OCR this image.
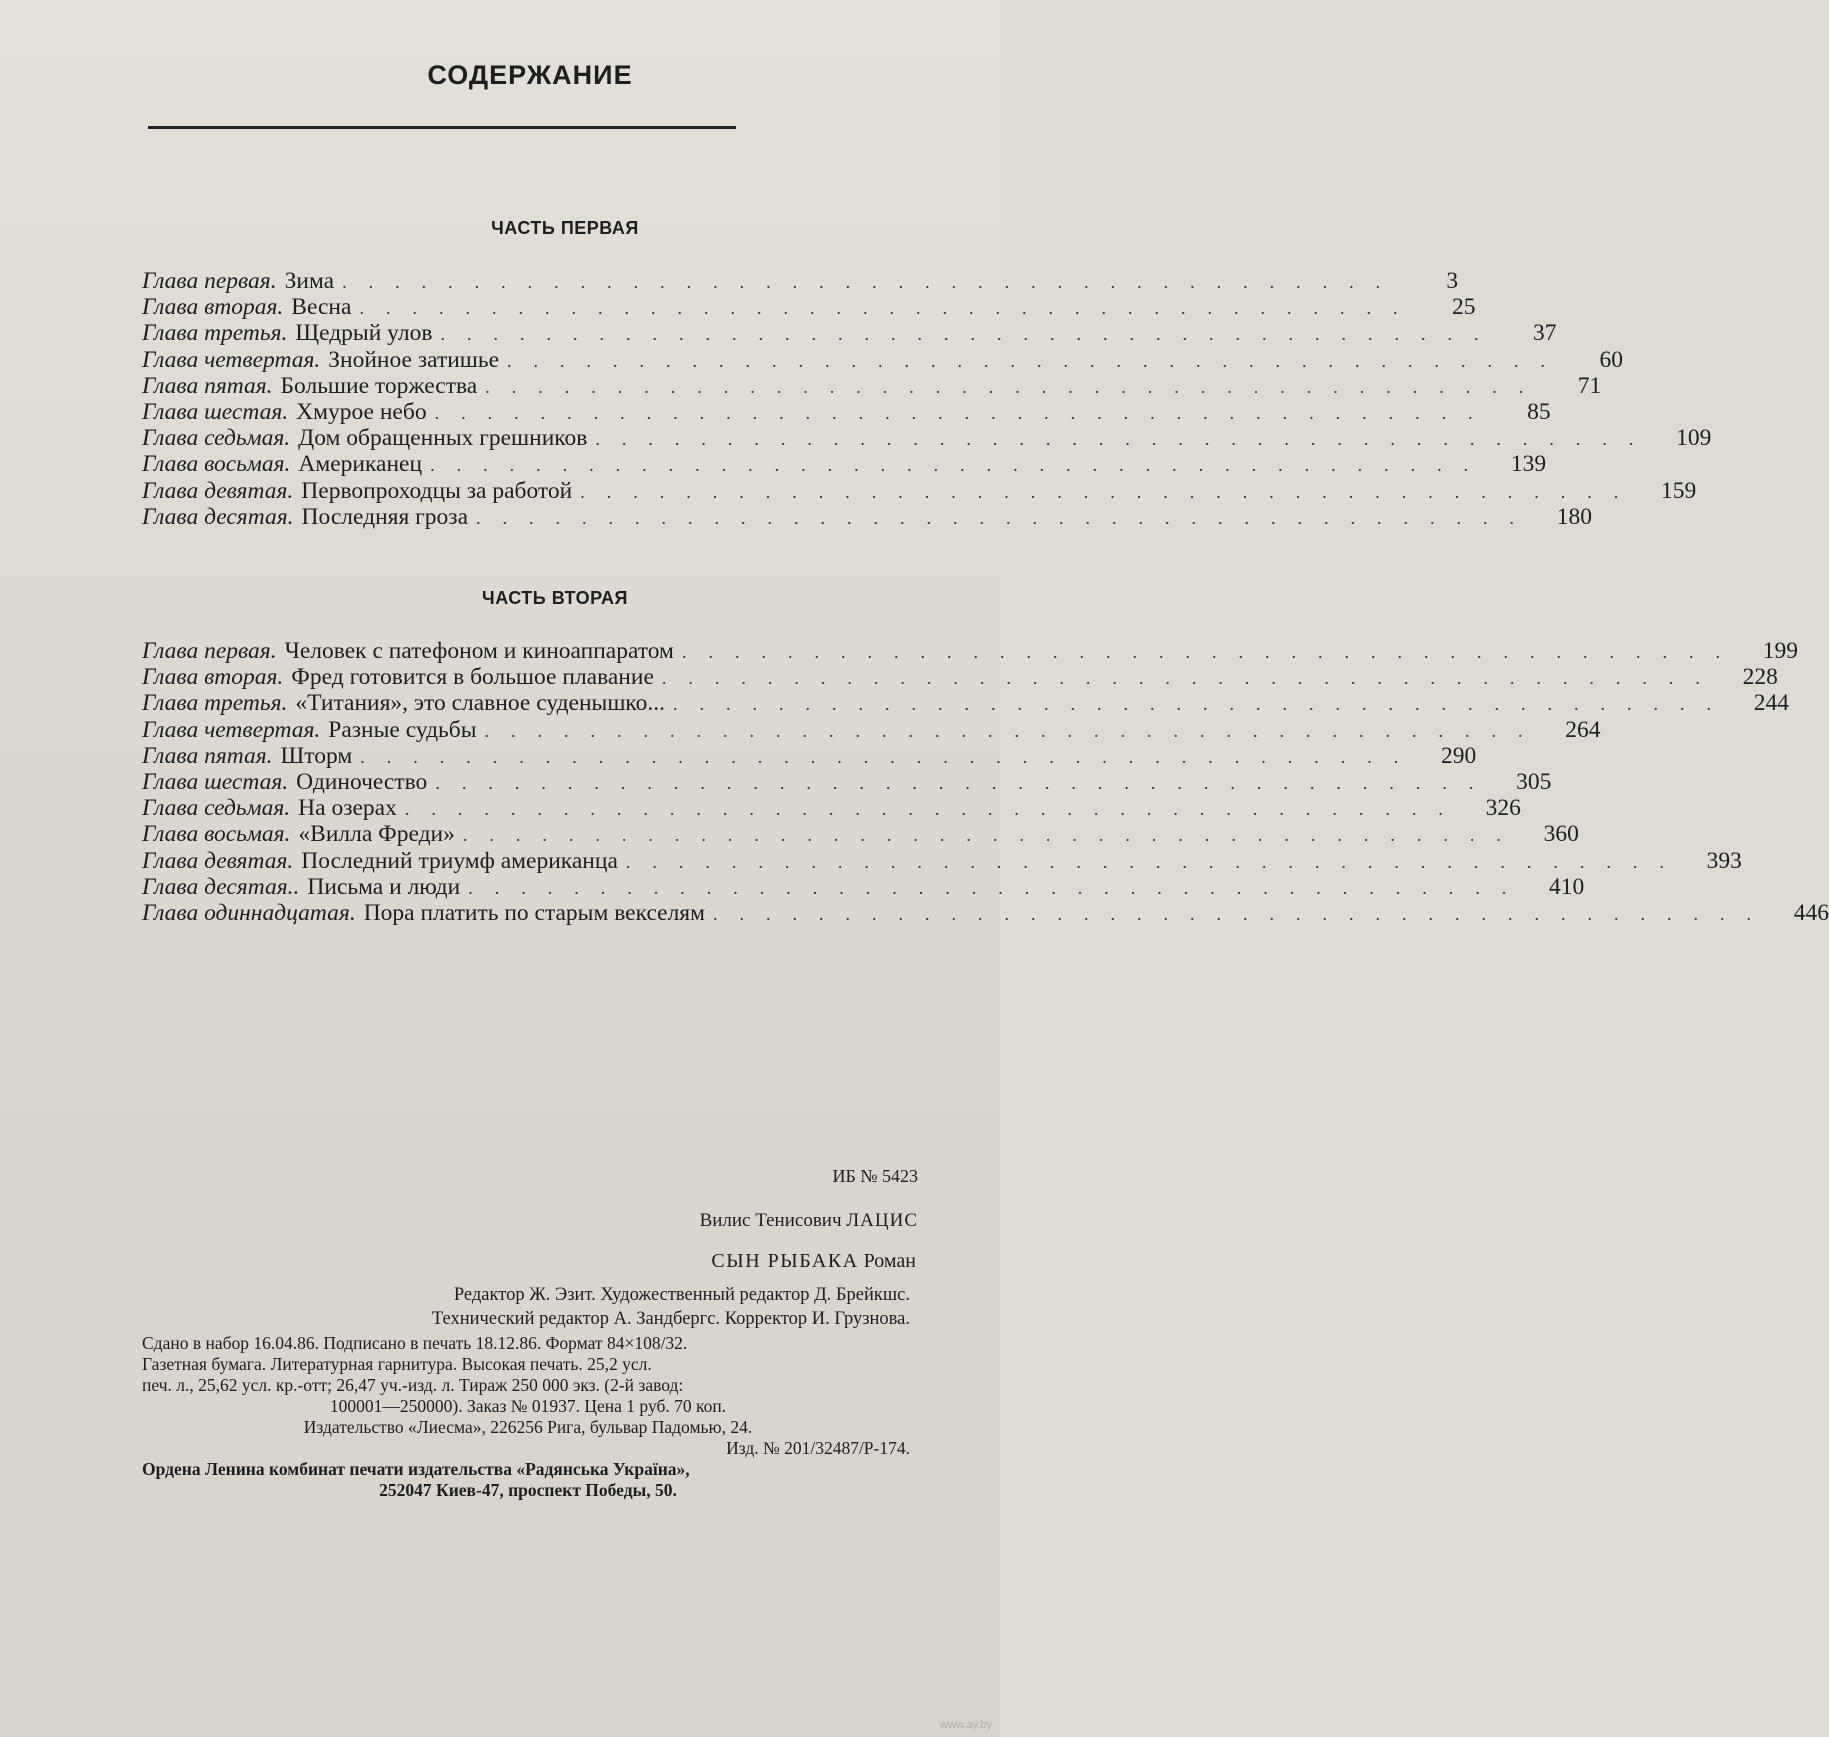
СОДЕРЖАНИЕ
ЧАСТЬ ПЕРВАЯ
Глава первая. Зима ........................................	3
Глава вторая. Весна ........................................	25
Глава третья. Щедрый улов ........................................	37
Глава четвертая. Знойное затишье ........................................	60
Глава пятая. Большие торжества ........................................	71
Глава шестая. Хмурое небо ........................................	85
Глава седьмая. Дом обращенных грешников ........................................ 109
Глава восьмая. Американец ........................................ 139
Глава девятая. Первопроходцы за работой ........................................ 159
Глава десятая. Последняя гроза ........................................ 180
ЧАСТЬ ВТОРАЯ
Глава первая. Человек с патефоном и киноаппаратом ........................................ 199
Глава вторая. Фред готовится в большое плавание ........................................ 228
Глава третья. «Титания», это славное суденышко... ........................................ 244
Глава четвертая. Разные судьбы ........................................ 264
Глава пятая. Шторм ........................................ 290
Глава шестая. Одиночество ........................................ 305
Глава седьмая. На озерах ........................................ 326
Глава восьмая. «Вилла Фреди» ........................................ 360
Глава девятая. Последний триумф американца ........................................ 393
Глава десятая.. Письма и люди ........................................ 410
Глава одиннадцатая. Пора платить по старым векселям ........................................ 446
ИБ № 5423
Вилис Тенисович ЛАЦИС
СЫН РЫБАКА Роман
Редактор Ж. Эзит. Художественный редактор Д. Брейкшс.
Технический редактор А. Зандбергс. Корректор И. Грузнова.
Сдано в набор 16.04.86. Подписано в печать 18.12.86. Формат 84×108/32.
Газетная бумага. Литературная гарнитура. Высокая печать. 25,2 усл.
печ. л., 25,62 усл. кр.-отт; 26,47 уч.-изд. л. Тираж 250 000 экз. (2-й завод:
100001—250000). Заказ № 01937. Цена 1 руб. 70 коп.
Издательство «Лиесма», 226256 Рига, бульвар Падомью, 24.
Изд. № 201/32487/Р-174.
Ордена Ленина комбинат печати издательства «Радянська Україна»,
252047 Киев-47, проспект Победы, 50.
www.ay.by
